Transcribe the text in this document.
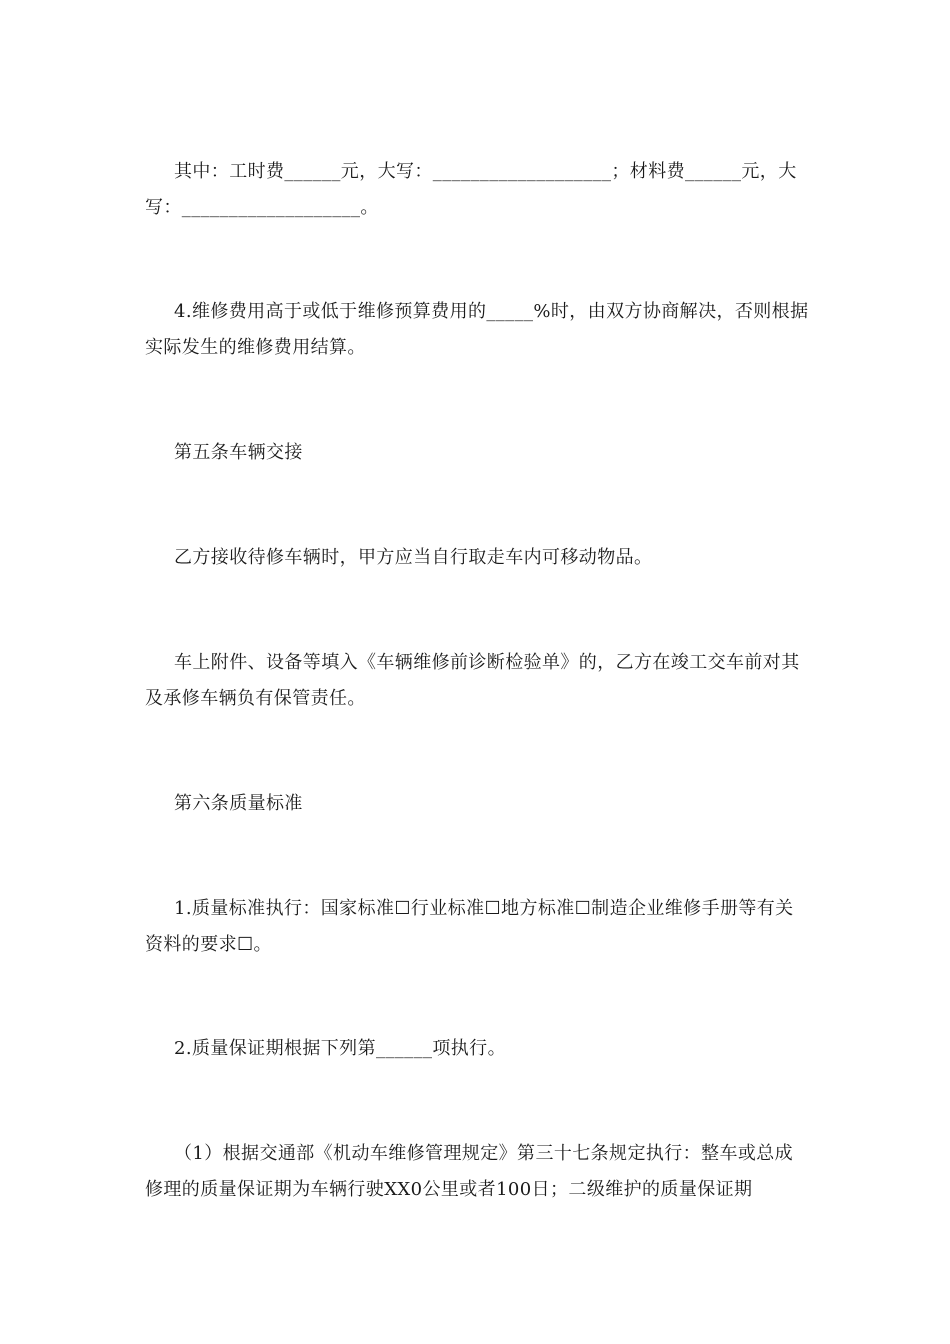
其中：工时费______元，大写：___________________；材料费______元，大写：___________________。

4.维修费用高于或低于维修预算费用的_____%时，由双方协商解决，否则根据实际发生的维修费用结算。

第五条车辆交接

乙方接收待修车辆时，甲方应当自行取走车内可移动物品。

车上附件、设备等填入《车辆维修前诊断检验单》的，乙方在竣工交车前对其及承修车辆负有保管责任。

第六条质量标准

1.质量标准执行：国家标准☐行业标准☐地方标准☐制造企业维修手册等有关资料的要求☐。

2.质量保证期根据下列第______项执行。

（1）根据交通部《机动车维修管理规定》第三十七条规定执行：整车或总成修理的质量保证期为车辆行驶XX0公里或者100日；二级维护的质量保证期
